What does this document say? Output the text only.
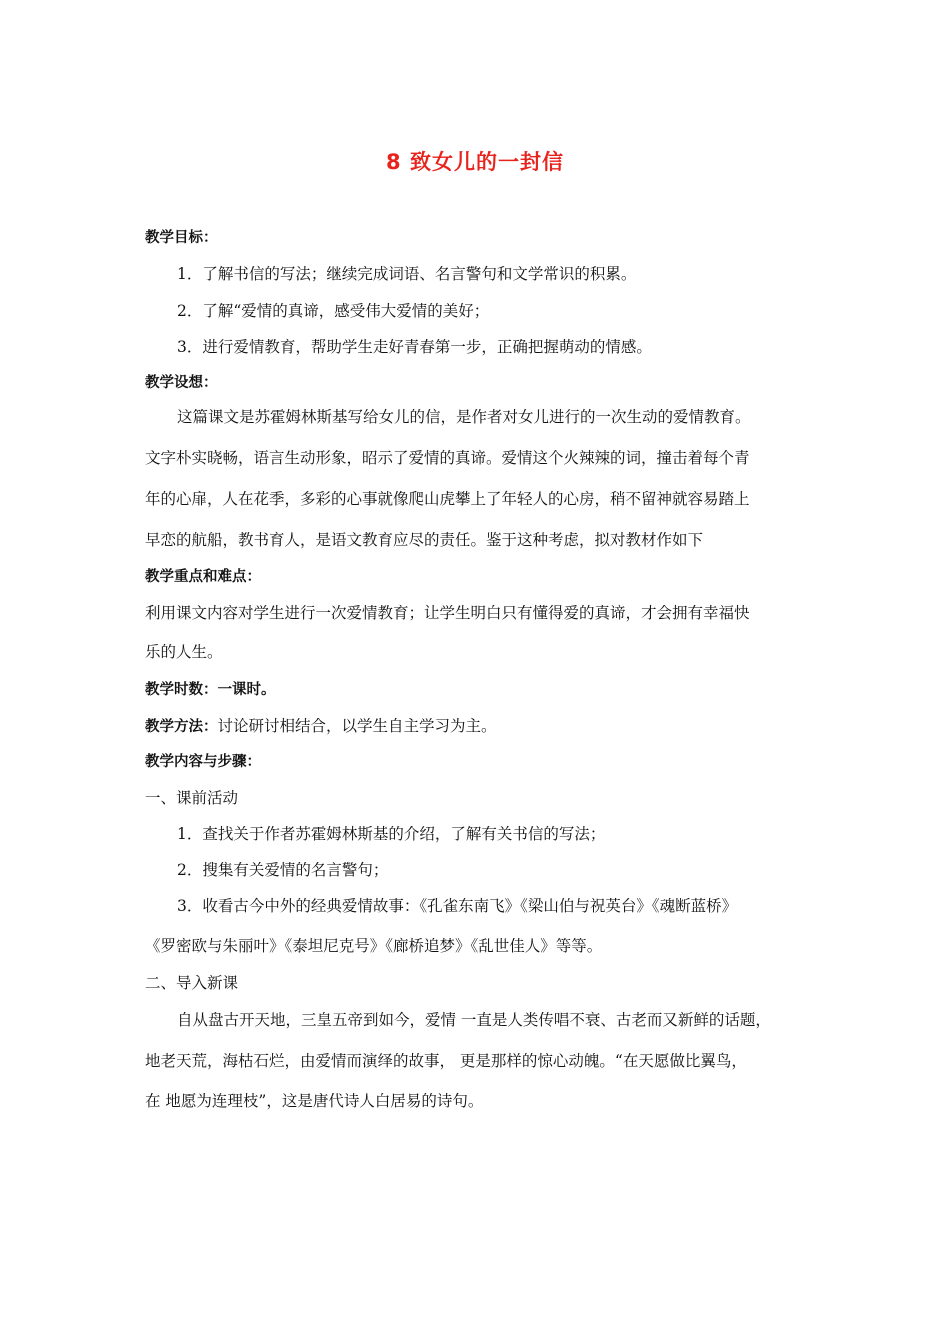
8 致女儿的一封信

教学目标：

1．了解书信的写法；继续完成词语、名言警句和文学常识的积累。

2．了解“爱情的真谛，感受伟大爱情的美好；

3．进行爱情教育，帮助学生走好青春第一步，正确把握萌动的情感。

教学设想：

这篇课文是苏霍姆林斯基写给女儿的信，是作者对女儿进行的一次生动的爱情教育。

文字朴实晓畅，语言生动形象，昭示了爱情的真谛。爱情这个火辣辣的词，撞击着每个青

年的心扉，人在花季，多彩的心事就像爬山虎攀上了年轻人的心房，稍不留神就容易踏上

早恋的航船，教书育人，是语文教育应尽的责任。鉴于这种考虑，拟对教材作如下

教学重点和难点：

利用课文内容对学生进行一次爱情教育；让学生明白只有懂得爱的真谛，才会拥有幸福快

乐的人生。

教学时数：一课时。

教学方法：讨论研讨相结合，以学生自主学习为主。

教学内容与步骤：

一、课前活动

1．查找关于作者苏霍姆林斯基的介绍，了解有关书信的写法；

2．搜集有关爱情的名言警句；

3．收看古今中外的经典爱情故事：《孔雀东南飞》《梁山伯与祝英台》《魂断蓝桥》

《罗密欧与朱丽叶》《泰坦尼克号》《廊桥追梦》《乱世佳人》等等。

二、导入新课

自从盘古开天地，三皇五帝到如今，爱情 一直是人类传唱不衰、古老而又新鲜的话题，

地老天荒，海枯石烂，由爱情而演绎的故事， 更是那样的惊心动魄。“在天愿做比翼鸟，

在 地愿为连理枝”，这是唐代诗人白居易的诗句。
